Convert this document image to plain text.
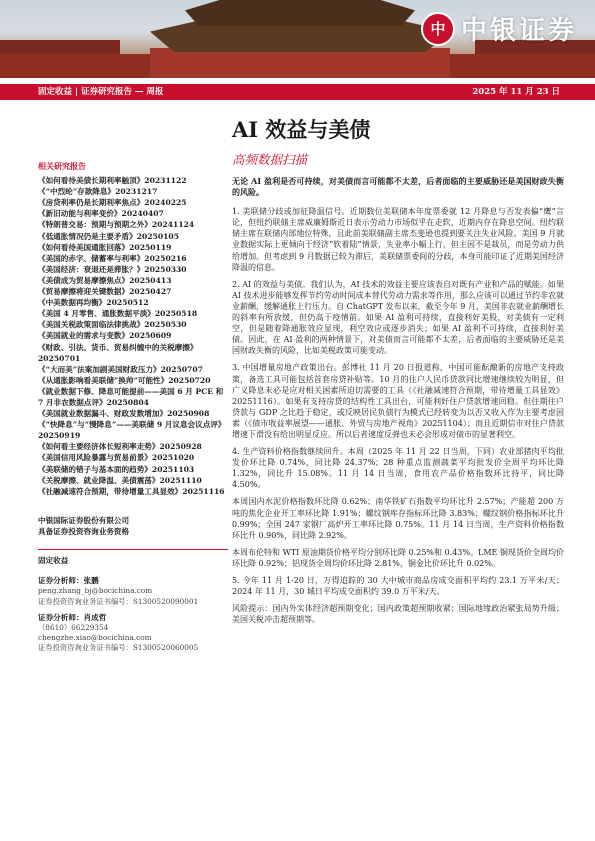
中 中银证券
固定收益 | 证券研究报告 — 周报	2025 年 11 月 23 日
AI 效益与美债
高频数据扫描
相关研究报告
《如何看待美债长期利率触顶》20231122
《“中烈纶”存款降息》20231217
《房贷利率仍是长期利率焦点》20240225
《新旧动能与利率变价》20240407
《特朗普交易：预期与预期之外》20241124
《低通胀情况仍是主要矛盾》20250105
《如何看待美国通胀回落》20250119
《美国的赤字、储蓄率与利率》20250216
《美国经济：衰退还是滞胀？》20250330
《美债成为贸易摩擦焦点》20250413
《贸易摩擦将迎关键数据》20250427
《中美数据再均衡》20250512
《美国 4 月零售、通胀数据平淡》20250518
《美国关税政策面临法律挑战》20250530
《美国就业的需求与变数》20250609
《财政、引法、货币、贸易纠缠中的关税摩擦》20250701
《“大而美”法案加剧美国财政压力》20250707
《从通胀影响看美联储”换帅”可能性》20250720
《就业数据下修、降息可能提前——美国 6 月 PCE 和 7 月非农数据点评》20250804
《美国就业数据漏斗、财政发数增加》20250908
《“快降息”与“慢降息”——美联储 9 月议息会议点评》20250919
《如何看主要经济体长短利率走势》20250928
《美国信用风险暴露与贸易前景》20251020
《美联储的错子与基本面的趋势》20251103
《关税摩擦、就业降温、美债震荡》20251110
《社融减速符合预期，带待增量工具显效》20251116
中银国际证券股份有限公司
具备证券投资咨询业务资格
固定收益
证券分析师：张鹏
peng.zhang_bj@bocichina.com
证券投资咨询业务证书编号：S1300520090001
证券分析师：肖成哲
（8610）66229354
chengzhe.xiao@bocichina.com
证券投资咨询业务证书编号：S1300520060005
无论 AI 盈利是否可持续，对美债而言可能都不太差，后者面临的主要威胁还是美国财政失衡的风险。
1. 美联储分歧或加征降温信号。近期数位美联储本年度票委就 12 月降息与否发表偏“鹰”言论，但纽约联储主席威廉姆斯近日表示劳动力市场似乎在走软，近期内存在降息空间。纽约联储主席在联储内部地位特殊，且此前美联储副主席杰斐逊也提到要关注失业风险。美国 9 月就业数据实际上更倾向于经济“软着陆”情景，失业率小幅上行，但主因不是裁员，而是劳动力供给增加。但考虑到 9 月数据已较为滞后，美联储票委间的分歧，本身可能印证了近期美国经济降温的信息。
2. AI 的效益与美债。我们认为，AI 技术的效益主要应该表自对既有产业和产品的赋能。如果 AI 技术进步能够发挥节约劳动时间成本替代劳动力需求等作用，那么应该可以通过节约非农就业薪酬，缓解通胀上行压力。自 ChatGPT 发布以来，截至今年 9 月，美国非农就业薪酬增长的斜率有所放缓，但仍高于疫情前。如果 AI 盈利可持续，直接利好美股，对美债有一定利空，但是随着降通胀效应显现，利空效应或逐步消失；如果 AI 盈利不可持续，直接利好美债。因此，在 AI 盈利的两种情景下，对美债而言可能都不太差，后者面临的主要威胁还是美国财政失衡的风险，比如美税政策可能变动。
3. 中国增量房地产政策出台。彭博社 11 月 20 日报道称，中国可能酝酿新的房地产支持政策，备选工具可能包括首套房贷补贴等。10 月的住户人民币贷款同比增速继续较为明显，但广义降息未必是应对相关困素所迫切需要的工具（《社融减速符合预期，带待增量工具显效》20251116）。如果有支持房贷的结构性工具出台，可能利好住户贷款增速回稳。但住期住户贷款与 GDP 之比趋于稳定，或反映居民负债行为模式已经转变为以否又收入作为主要考虑因素（《债市收益率展望——通胀、外贸与房地产视角》20251104）；而且近期信市对住户贷款增速下滑没有给出明显反应。所以后者速度反弹也未必会形成对债市的显著利空。
4. 生产资料价格指数继续回升。本周（2025 年 11 月 22 日当周，下同）农业部猪肉平均批发价环比降 0.74%，同比降 24.37%；28 种重点监测蔬菜平均批发价全周平均环比降 1.32%，同比升 15.08%。11 月 14 日当周，食用农产品价格指数环比持平，同比降 4.50%。
本周国内水泥价格指数环比降 0.62%；南华铁矿石指数平均环比升 2.57%；产能超 200 万吨的焦化企业开工率环比降 1.91%；螺纹钢库存指标环比降 3.83%；螺纹钢价格指标环比升 0.99%；全国 247 家钢厂高炉开工率环比降 0.75%。11 月 14 日当周，生产资料价格指数环比升 0.90%，同比降 2.92%。
本周布伦特和 WTI 原油期货价格平均分别环比降 0.25%和 0.43%。LME 铜现货价全周均价环比降 0.92%；铝现货全周均价环比降 2.81%，铜金比价环比升 0.02%。
5. 今年 11 月 1-20 日，万得追踪的 30 大中城市商品房成交面积平均约 23.1 万平米/天；2024 年 11 月，30 城日平均成交面积约 39.0 万平米/天。
风险提示：国内外实体经济超预期变化；国内政策超预期收紧；国际地缘政治紧张局势升级；美国关税冲击超预期等。
